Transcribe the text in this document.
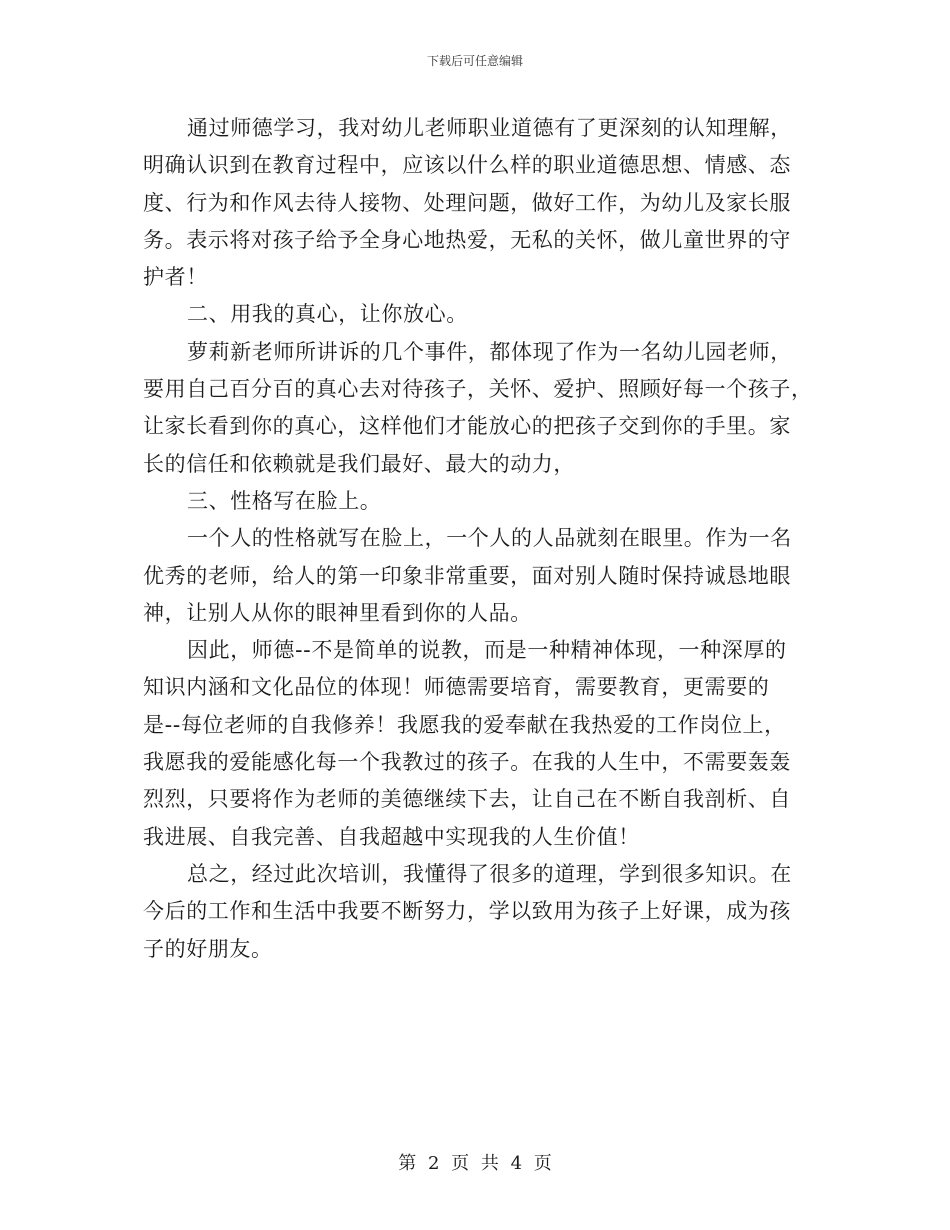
下载后可任意编辑
通过师德学习，我对幼儿老师职业道德有了更深刻的认知理解，
明确认识到在教育过程中，应该以什么样的职业道德思想、情感、态
度、行为和作风去待人接物、处理问题，做好工作，为幼儿及家长服
务。表示将对孩子给予全身心地热爱，无私的关怀，做儿童世界的守
护者！
二、用我的真心，让你放心。
萝莉新老师所讲诉的几个事件，都体现了作为一名幼儿园老师，
要用自己百分百的真心去对待孩子，关怀、爱护、照顾好每一个孩子，
让家长看到你的真心，这样他们才能放心的把孩子交到你的手里。家
长的信任和依赖就是我们最好、最大的动力，
三、性格写在脸上。
一个人的性格就写在脸上，一个人的人品就刻在眼里。作为一名
优秀的老师，给人的第一印象非常重要，面对别人随时保持诚恳地眼
神，让别人从你的眼神里看到你的人品。
因此，师德--不是简单的说教，而是一种精神体现，一种深厚的
知识内涵和文化品位的体现！师德需要培育，需要教育，更需要的
是--每位老师的自我修养！我愿我的爱奉献在我热爱的工作岗位上，
我愿我的爱能感化每一个我教过的孩子。在我的人生中，不需要轰轰
烈烈，只要将作为老师的美德继续下去，让自己在不断自我剖析、自
我进展、自我完善、自我超越中实现我的人生价值！
总之，经过此次培训，我懂得了很多的道理，学到很多知识。在
今后的工作和生活中我要不断努力，学以致用为孩子上好课，成为孩
子的好朋友。
第 2 页 共 4 页
